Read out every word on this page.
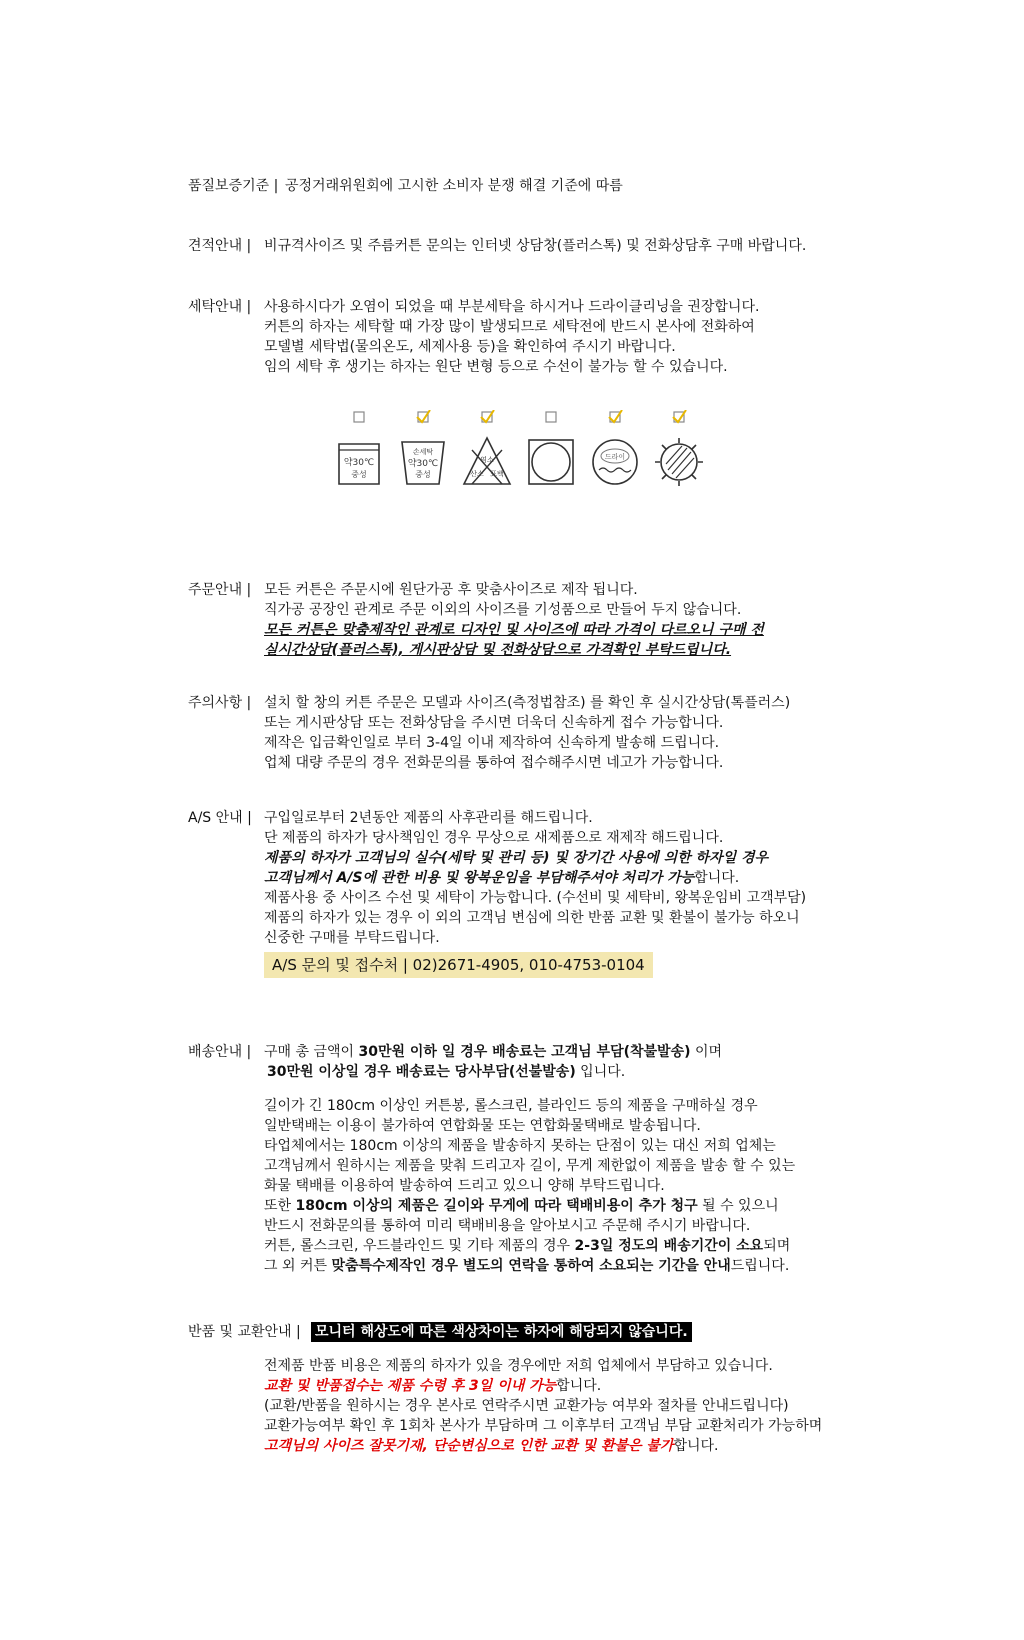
품질보증기준 | 공정거래위원회에 고시한 소비자 분쟁 해결 기준에 따름
견적안내 | 비규격사이즈 및 주름커튼 문의는 인터넷 상담창(플러스톡) 및 전화상담후 구매 바랍니다.
세탁안내 | 사용하시다가 오염이 되었을 때 부분세탁을 하시거나 드라이클리닝을 권장합니다.
커튼의 하자는 세탁할 때 가장 많이 발생되므로 세탁전에 반드시 본사에 전화하여
모델별 세탁법(물의온도, 세제사용 등)을 확인하여 주시기 바랍니다.
임의 세탁 후 생기는 하자는 원단 변형 등으로 수선이 불가능 할 수 있습니다.
약30℃
중성
손세탁
약30℃
중성
염소
산소 표백
드라이
주문안내 | 모든 커튼은 주문시에 원단가공 후 맞춤사이즈로 제작 됩니다.
직가공 공장인 관계로 주문 이외의 사이즈를 기성품으로 만들어 두지 않습니다.
모든 커튼은 맞춤제작인 관계로 디자인 및 사이즈에 따라 가격이 다르오니 구매 전
실시간상담(플러스톡), 게시판상담 및 전화상담으로 가격확인 부탁드립니다.
주의사항 | 설치 할 창의 커튼 주문은 모델과 사이즈(측정법참조) 를 확인 후 실시간상담(톡플러스)
또는 게시판상담 또는 전화상담을 주시면 더욱더 신속하게 접수 가능합니다.
제작은 입금확인일로 부터 3-4일 이내 제작하여 신속하게 발송해 드립니다.
업체 대량 주문의 경우 전화문의를 통하여 접수해주시면 네고가 가능합니다.
A/S 안내 | 구입일로부터 2년동안 제품의 사후관리를 해드립니다.
단 제품의 하자가 당사책임인 경우 무상으로 새제품으로 재제작 해드립니다.
제품의 하자가 고객님의 실수(세탁 및 관리 등) 및 장기간 사용에 의한 하자일 경우
고객님께서 A/S에 관한 비용 및 왕복운임을 부담해주셔야 처리가 가능합니다.
제품사용 중 사이즈 수선 및 세탁이 가능합니다. (수선비 및 세탁비, 왕복운임비 고객부담)
제품의 하자가 있는 경우 이 외의 고객님 변심에 의한 반품 교환 및 환불이 불가능 하오니
신중한 구매를 부탁드립니다.
A/S 문의 및 접수처 | 02)2671-4905, 010-4753-0104
배송안내 | 구매 총 금액이 30만원 이하 일 경우 배송료는 고객님 부담(착불발송) 이며
30만원 이상일 경우 배송료는 당사부담(선불발송) 입니다.
길이가 긴 180cm 이상인 커튼봉, 롤스크린, 블라인드 등의 제품을 구매하실 경우
일반택배는 이용이 불가하여 연합화물 또는 연합화물택배로 발송됩니다.
타업체에서는 180cm 이상의 제품을 발송하지 못하는 단점이 있는 대신 저희 업체는
고객님께서 원하시는 제품을 맞춰 드리고자 길이, 무게 제한없이 제품을 발송 할 수 있는
화물 택배를 이용하여 발송하여 드리고 있으니 양해 부탁드립니다.
또한 180cm 이상의 제품은 길이와 무게에 따라 택배비용이 추가 청구 될 수 있으니
반드시 전화문의를 통하여 미리 택배비용을 알아보시고 주문해 주시기 바랍니다.
커튼, 롤스크린, 우드블라인드 및 기타 제품의 경우 2-3일 정도의 배송기간이 소요되며
그 외 커튼 맞춤특수제작인 경우 별도의 연락을 통하여 소요되는 기간을 안내드립니다.
반품 및 교환안내 | 모니터 해상도에 따른 색상차이는 하자에 해당되지 않습니다.
전제품 반품 비용은 제품의 하자가 있을 경우에만 저희 업체에서 부담하고 있습니다.
교환 및 반품접수는 제품 수령 후 3일 이내 가능합니다.
(교환/반품을 원하시는 경우 본사로 연락주시면 교환가능 여부와 절차를 안내드립니다)
교환가능여부 확인 후 1회차 본사가 부담하며 그 이후부터 고객님 부담 교환처리가 가능하며
고객님의 사이즈 잘못기재, 단순변심으로 인한 교환 및 환불은 불가합니다.
